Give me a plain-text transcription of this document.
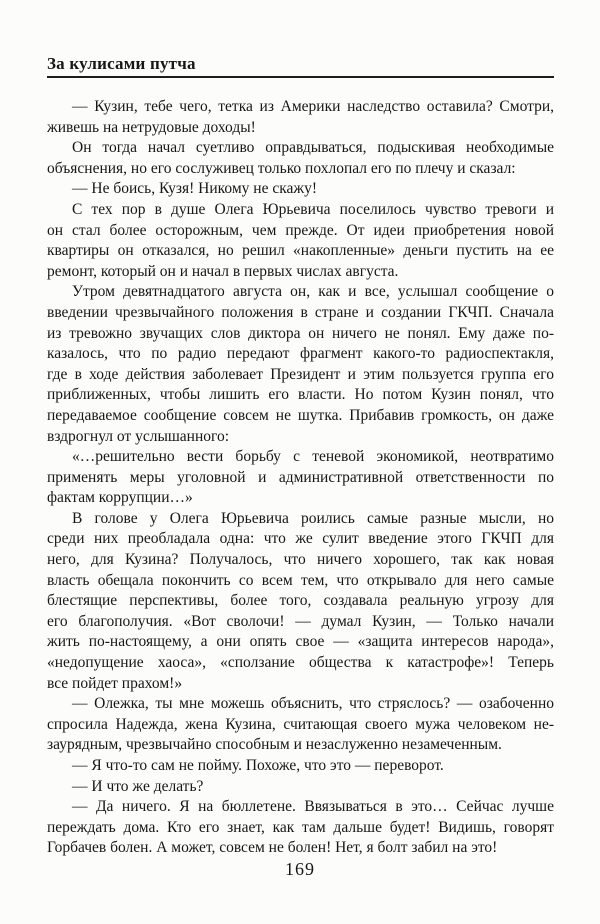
За кулисами путча
— Кузин, тебе чего, тетка из Америки наследство оставила? Смотри,
живешь на нетрудовые доходы!
Он тогда начал суетливо оправдываться, подыскивая необходимые
объяснения, но его сослуживец только похлопал его по плечу и сказал:
— Не боись, Кузя! Никому не скажу!
С тех пор в душе Олега Юрьевича поселилось чувство тревоги и
он стал более осторожным, чем прежде. От идеи приобретения новой
квартиры он отказался, но решил «накопленные» деньги пустить на ее
ремонт, который он и начал в первых числах августа.
Утром девятнадцатого августа он, как и все, услышал сообщение о
введении чрезвычайного положения в стране и создании ГКЧП. Сначала
из тревожно звучащих слов диктора он ничего не понял. Ему даже по-
казалось, что по радио передают фрагмент какого-то радиоспектакля,
где в ходе действия заболевает Президент и этим пользуется группа его
приближенных, чтобы лишить его власти. Но потом Кузин понял, что
передаваемое сообщение совсем не шутка. Прибавив громкость, он даже
вздрогнул от услышанного:
«…решительно вести борьбу с теневой экономикой, неотвратимо
применять меры уголовной и административной ответственности по
фактам коррупции…»
В голове у Олега Юрьевича роились самые разные мысли, но
среди них преобладала одна: что же сулит введение этого ГКЧП для
него, для Кузина? Получалось, что ничего хорошего, так как новая
власть обещала покончить со всем тем, что открывало для него самые
блестящие перспективы, более того, создавала реальную угрозу для
его благополучия. «Вот сволочи! — думал Кузин, — Только начали
жить по-настоящему, а они опять свое — «защита интересов народа»,
«недопущение хаоса», «сползание общества к катастрофе»! Теперь
все пойдет прахом!»
— Олежка, ты мне можешь объяснить, что стряслось? — озабоченно
спросила Надежда, жена Кузина, считающая своего мужа человеком не-
заурядным, чрезвычайно способным и незаслуженно незамеченным.
— Я что-то сам не пойму. Похоже, что это — переворот.
— И что же делать?
— Да ничего. Я на бюллетене. Ввязываться в это… Сейчас лучше
переждать дома. Кто его знает, как там дальше будет! Видишь, говорят
Горбачев болен. А может, совсем не болен! Нет, я болт забил на это!
169
